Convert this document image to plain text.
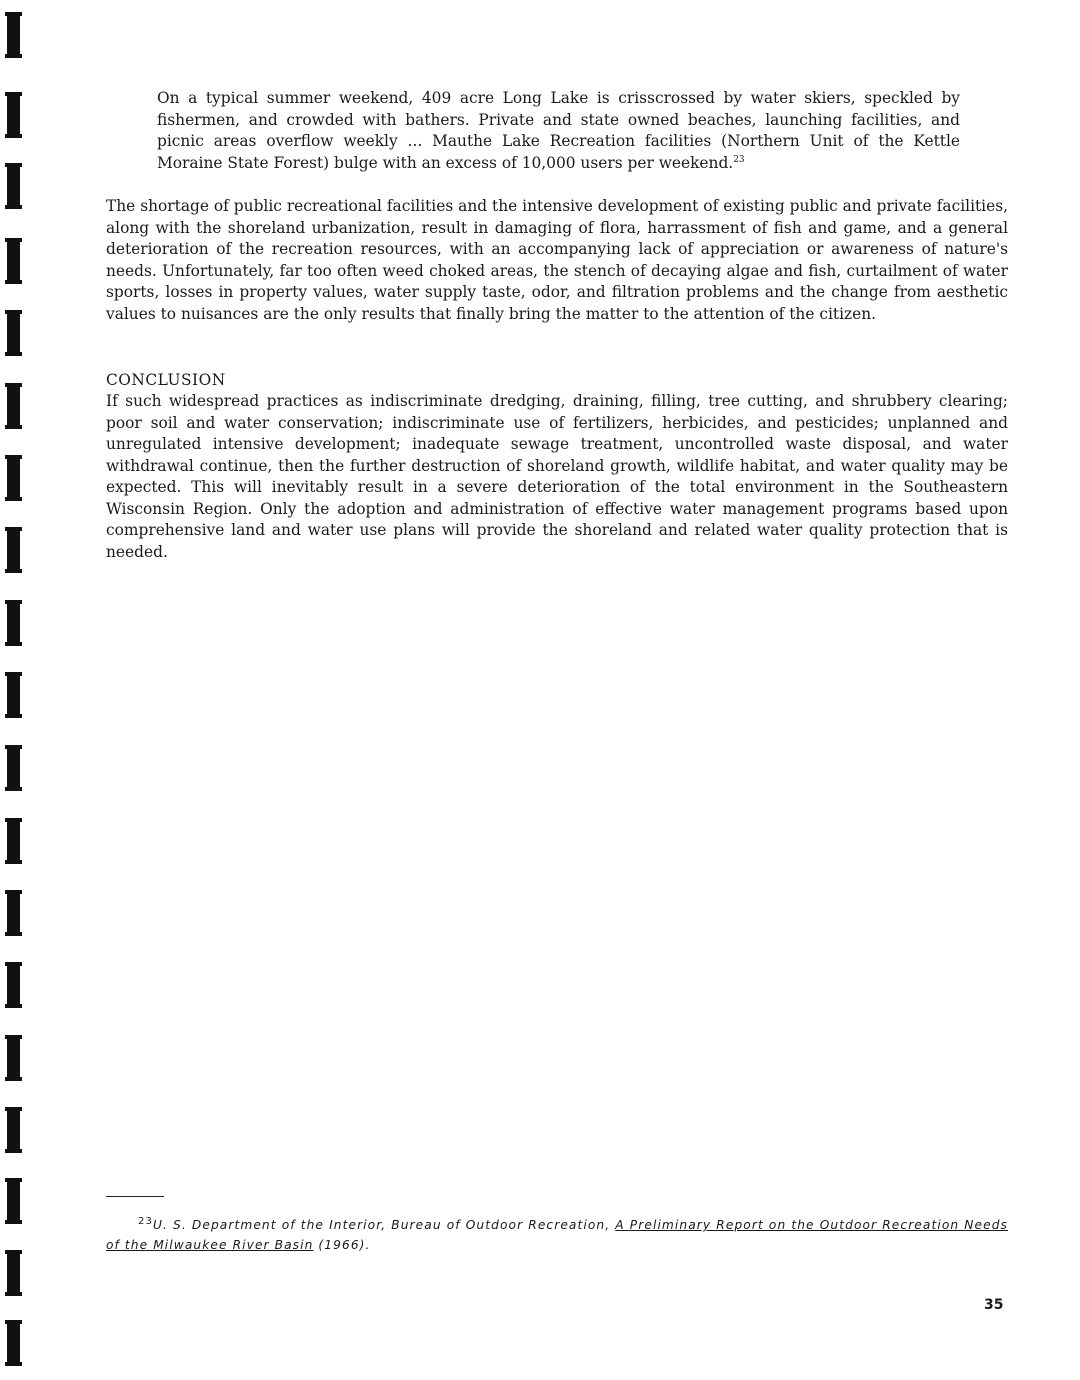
On a typical summer weekend, 409 acre Long Lake is crisscrossed by water skiers, speckled by fishermen, and crowded with bathers. Private and state owned beaches, launching facilities, and picnic areas overflow weekly ... Mauthe Lake Recreation facilities (Northern Unit of the Kettle Moraine State Forest) bulge with an excess of 10,000 users per weekend.$^{23}$
The shortage of public recreational facilities and the intensive development of existing public and private facilities, along with the shoreland urbanization, result in damaging of flora, harrassment of fish and game, and a general deterioration of the recreation resources, with an accompanying lack of appreciation or awareness of nature's needs. Unfortunately, far too often weed choked areas, the stench of decaying algae and fish, curtailment of water sports, losses in property values, water supply taste, odor, and filtration problems and the change from aesthetic values to nuisances are the only results that finally bring the matter to the attention of the citizen.
CONCLUSION
If such widespread practices as indiscriminate dredging, draining, filling, tree cutting, and shrubbery clearing; poor soil and water conservation; indiscriminate use of fertilizers, herbicides, and pesticides; unplanned and unregulated intensive development; inadequate sewage treatment, uncontrolled waste disposal, and water withdrawal continue, then the further destruction of shoreland growth, wildlife habitat, and water quality may be expected. This will inevitably result in a severe deterioration of the total environment in the Southeastern Wisconsin Region. Only the adoption and administration of effective water management programs based upon comprehensive land and water use plans will provide the shoreland and related water quality protection that is needed.
$^{23}$U. S. Department of the Interior, Bureau of Outdoor Recreation, A Preliminary Report on the Outdoor Recreation Needs of the Milwaukee River Basin (1966).
35
